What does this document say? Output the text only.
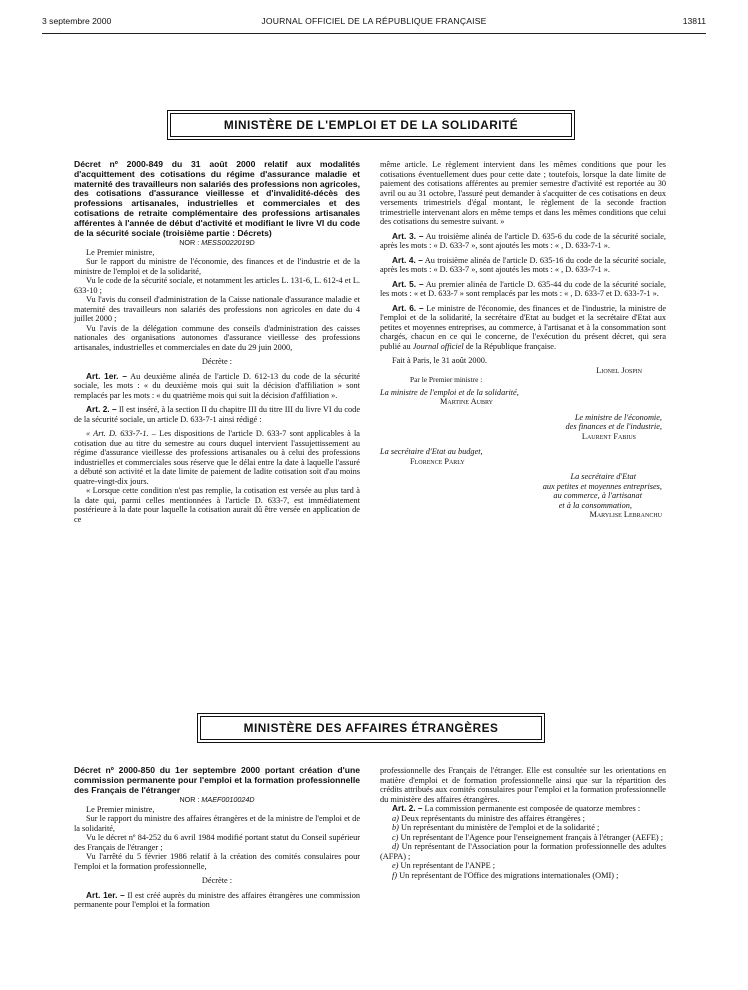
3 septembre 2000	JOURNAL OFFICIEL DE LA RÉPUBLIQUE FRANÇAISE	13811
MINISTÈRE DE L'EMPLOI ET DE LA SOLIDARITÉ

Décret nº 2000-849 du 31 août 2000 relatif aux modalités d'acquittement des cotisations du régime d'assurance maladie et maternité des travailleurs non salariés des professions non agricoles, des cotisations d'assurance vieillesse et d'invalidité-décès des professions artisanales, industrielles et commerciales et des cotisations de retraite complémentaire des professions artisanales afférentes à l'année de début d'activité et modifiant le livre VI du code de la sécurité sociale (troisième partie : Décrets)

NOR : MESS0022019D

Le Premier ministre,

Sur le rapport du ministre de l'économie, des finances et de l'industrie et de la ministre de l'emploi et de la solidarité,

Vu le code de la sécurité sociale, et notamment les articles L. 131-6, L. 612-4 et L. 633-10 ;

Vu l'avis du conseil d'administration de la Caisse nationale d'assurance maladie et maternité des travailleurs non salariés des professions non agricoles en date du 4 juillet 2000 ;

Vu l'avis de la délégation commune des conseils d'administration des caisses nationales des organisations autonomes d'assurance vieillesse des professions artisanales, industrielles et commerciales en date du 29 juin 2000,

Décrète :

Art. 1er. – Au deuxième alinéa de l'article D. 612-13 du code de la sécurité sociale, les mots : « du deuxième mois qui suit la décision d'affiliation » sont remplacés par les mots : « du quatrième mois qui suit la décision d'affiliation ».

Art. 2. – Il est inséré, à la section II du chapitre III du titre III du livre VI du code de la sécurité sociale, un article D. 633-7-1 ainsi rédigé :

« Art. D. 633-7-1. – Les dispositions de l'article D. 633-7 sont applicables à la cotisation due au titre du semestre au cours duquel intervient l'assujettissement au régime d'assurance vieillesse des professions artisanales ou à celui des professions industrielles et commerciales sous réserve que le délai entre la date à laquelle l'assuré a débuté son activité et la date limite de paiement de ladite cotisation soit d'au moins quatre-vingt-dix jours.

« Lorsque cette condition n'est pas remplie, la cotisation est versée au plus tard à la date qui, parmi celles mentionnées à l'article D. 633-7, est immédiatement postérieure à la date pour laquelle la cotisation aurait dû être versée en application de ce

même article. Le règlement intervient dans les mêmes conditions que pour les cotisations éventuellement dues pour cette date ; toutefois, lorsque la date limite de paiement des cotisations afférentes au premier semestre d'activité est reportée au 30 avril ou au 31 octobre, l'assuré peut demander à s'acquitter de ces cotisations en deux versements trimestriels d'égal montant, le règlement de la seconde fraction trimestrielle intervenant alors en même temps et dans les mêmes conditions que celui des cotisations du semestre suivant. »

Art. 3. – Au troisième alinéa de l'article D. 635-6 du code de la sécurité sociale, après les mots : « D. 633-7 », sont ajoutés les mots : « , D. 633-7-1 ».

Art. 4. – Au troisième alinéa de l'article D. 635-16 du code de la sécurité sociale, après les mots : « D. 633-7 », sont ajoutés les mots : « , D. 633-7-1 ».

Art. 5. – Au premier alinéa de l'article D. 635-44 du code de la sécurité sociale, les mots : « et D. 633-7 » sont remplacés par les mots : « , D. 633-7 et D. 633-7-1 ».

Art. 6. – Le ministre de l'économie, des finances et de l'industrie, la ministre de l'emploi et de la solidarité, la secrétaire d'Etat au budget et la secrétaire d'Etat aux petites et moyennes entreprises, au commerce, à l'artisanat et à la consommation sont chargés, chacun en ce qui le concerne, de l'exécution du présent décret, qui sera publié au Journal officiel de la République française.

Fait à Paris, le 31 août 2000.

Lionel Jospin

Par le Premier ministre :

La ministre de l'emploi et de la solidarité,

Martine Aubry

Le ministre de l'économie,

des finances et de l'industrie,

Laurent Fabius

La secrétaire d'Etat au budget,

Florence Parly

La secrétaire d'Etat

aux petites et moyennes entreprises,

au commerce, à l'artisanat

et à la consommation,

Marylise Lebranchu

MINISTÈRE DES AFFAIRES ÉTRANGÈRES

Décret nº 2000-850 du 1er septembre 2000 portant création d'une commission permanente pour l'emploi et la formation professionnelle des Français de l'étranger

NOR : MAEF0010024D

Le Premier ministre,

Sur le rapport du ministre des affaires étrangères et de la ministre de l'emploi et de la solidarité,

Vu le décret nº 84-252 du 6 avril 1984 modifié portant statut du Conseil supérieur des Français de l'étranger ;

Vu l'arrêté du 5 février 1986 relatif à la création des comités consulaires pour l'emploi et la formation professionnelle,

Décrète :

Art. 1er. – Il est créé auprès du ministre des affaires étrangères une commission permanente pour l'emploi et la formation

professionnelle des Français de l'étranger. Elle est consultée sur les orientations en matière d'emploi et de formation professionnelle ainsi que sur la répartition des crédits attribués aux comités consulaires pour l'emploi et la formation professionnelle du ministère des affaires étrangères.

Art. 2. – La commission permanente est composée de quatorze membres :

a) Deux représentants du ministre des affaires étrangères ;

b) Un représentant du ministère de l'emploi et de la solidarité ;

c) Un représentant de l'Agence pour l'enseignement français à l'étranger (AEFE) ;

d) Un représentant de l'Association pour la formation professionnelle des adultes (AFPA) ;

e) Un représentant de l'ANPE ;

f) Un représentant de l'Office des migrations internationales (OMI) ;
